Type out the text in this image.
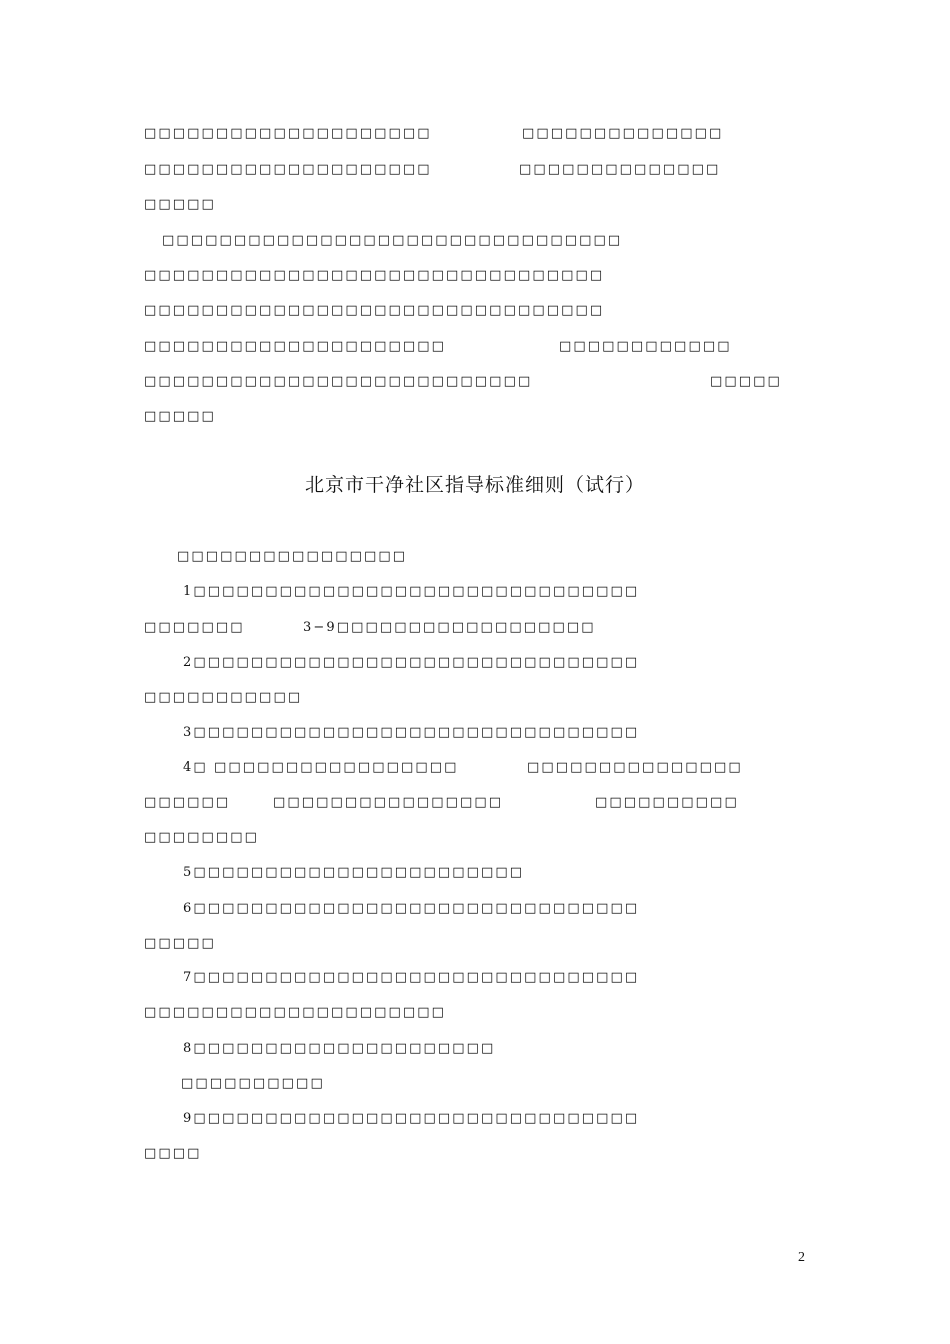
□□□□□□□□□□□□□□□□□□□□	□□□□□□□□□□□□□□
□□□□□□□□□□□□□□□□□□□□	□□□□□□□□□□□□□□
□□□□□
□□□□□□□□□□□□□□□□□□□□□□□□□□□□□□□□
□□□□□□□□□□□□□□□□□□□□□□□□□□□□□□□□
□□□□□□□□□□□□□□□□□□□□□□□□□□□□□□□□
□□□□□□□□□□□□□□□□□□□□□	□□□□□□□□□□□□
□□□□□□□□□□□□□□□□□□□□□□□□□□□	□□□□□
□□□□□
北京市干净社区指导标准细则（试行）
□□□□□□□□□□□□□□□□
1□□□□□□□□□□□□□□□□□□□□□□□□□□□□□□□
□□□□□□□	3−9□□□□□□□□□□□□□□□□□□
2□□□□□□□□□□□□□□□□□□□□□□□□□□□□□□□
□□□□□□□□□□□
3□□□□□□□□□□□□□□□□□□□□□□□□□□□□□□□
4□ □□□□□□□□□□□□□□□□□	□□□□□□□□□□□□□□□
□□□□□□	□□□□□□□□□□□□□□□□	□□□□□□□□□□
□□□□□□□□
5□□□□□□□□□□□□□□□□□□□□□□□
6□□□□□□□□□□□□□□□□□□□□□□□□□□□□□□□
□□□□□
7□□□□□□□□□□□□□□□□□□□□□□□□□□□□□□□
□□□□□□□□□□□□□□□□□□□□□
8□□□□□□□□□□□□□□□□□□□□□
□□□□□□□□□□
9□□□□□□□□□□□□□□□□□□□□□□□□□□□□□□□
□□□□
2
